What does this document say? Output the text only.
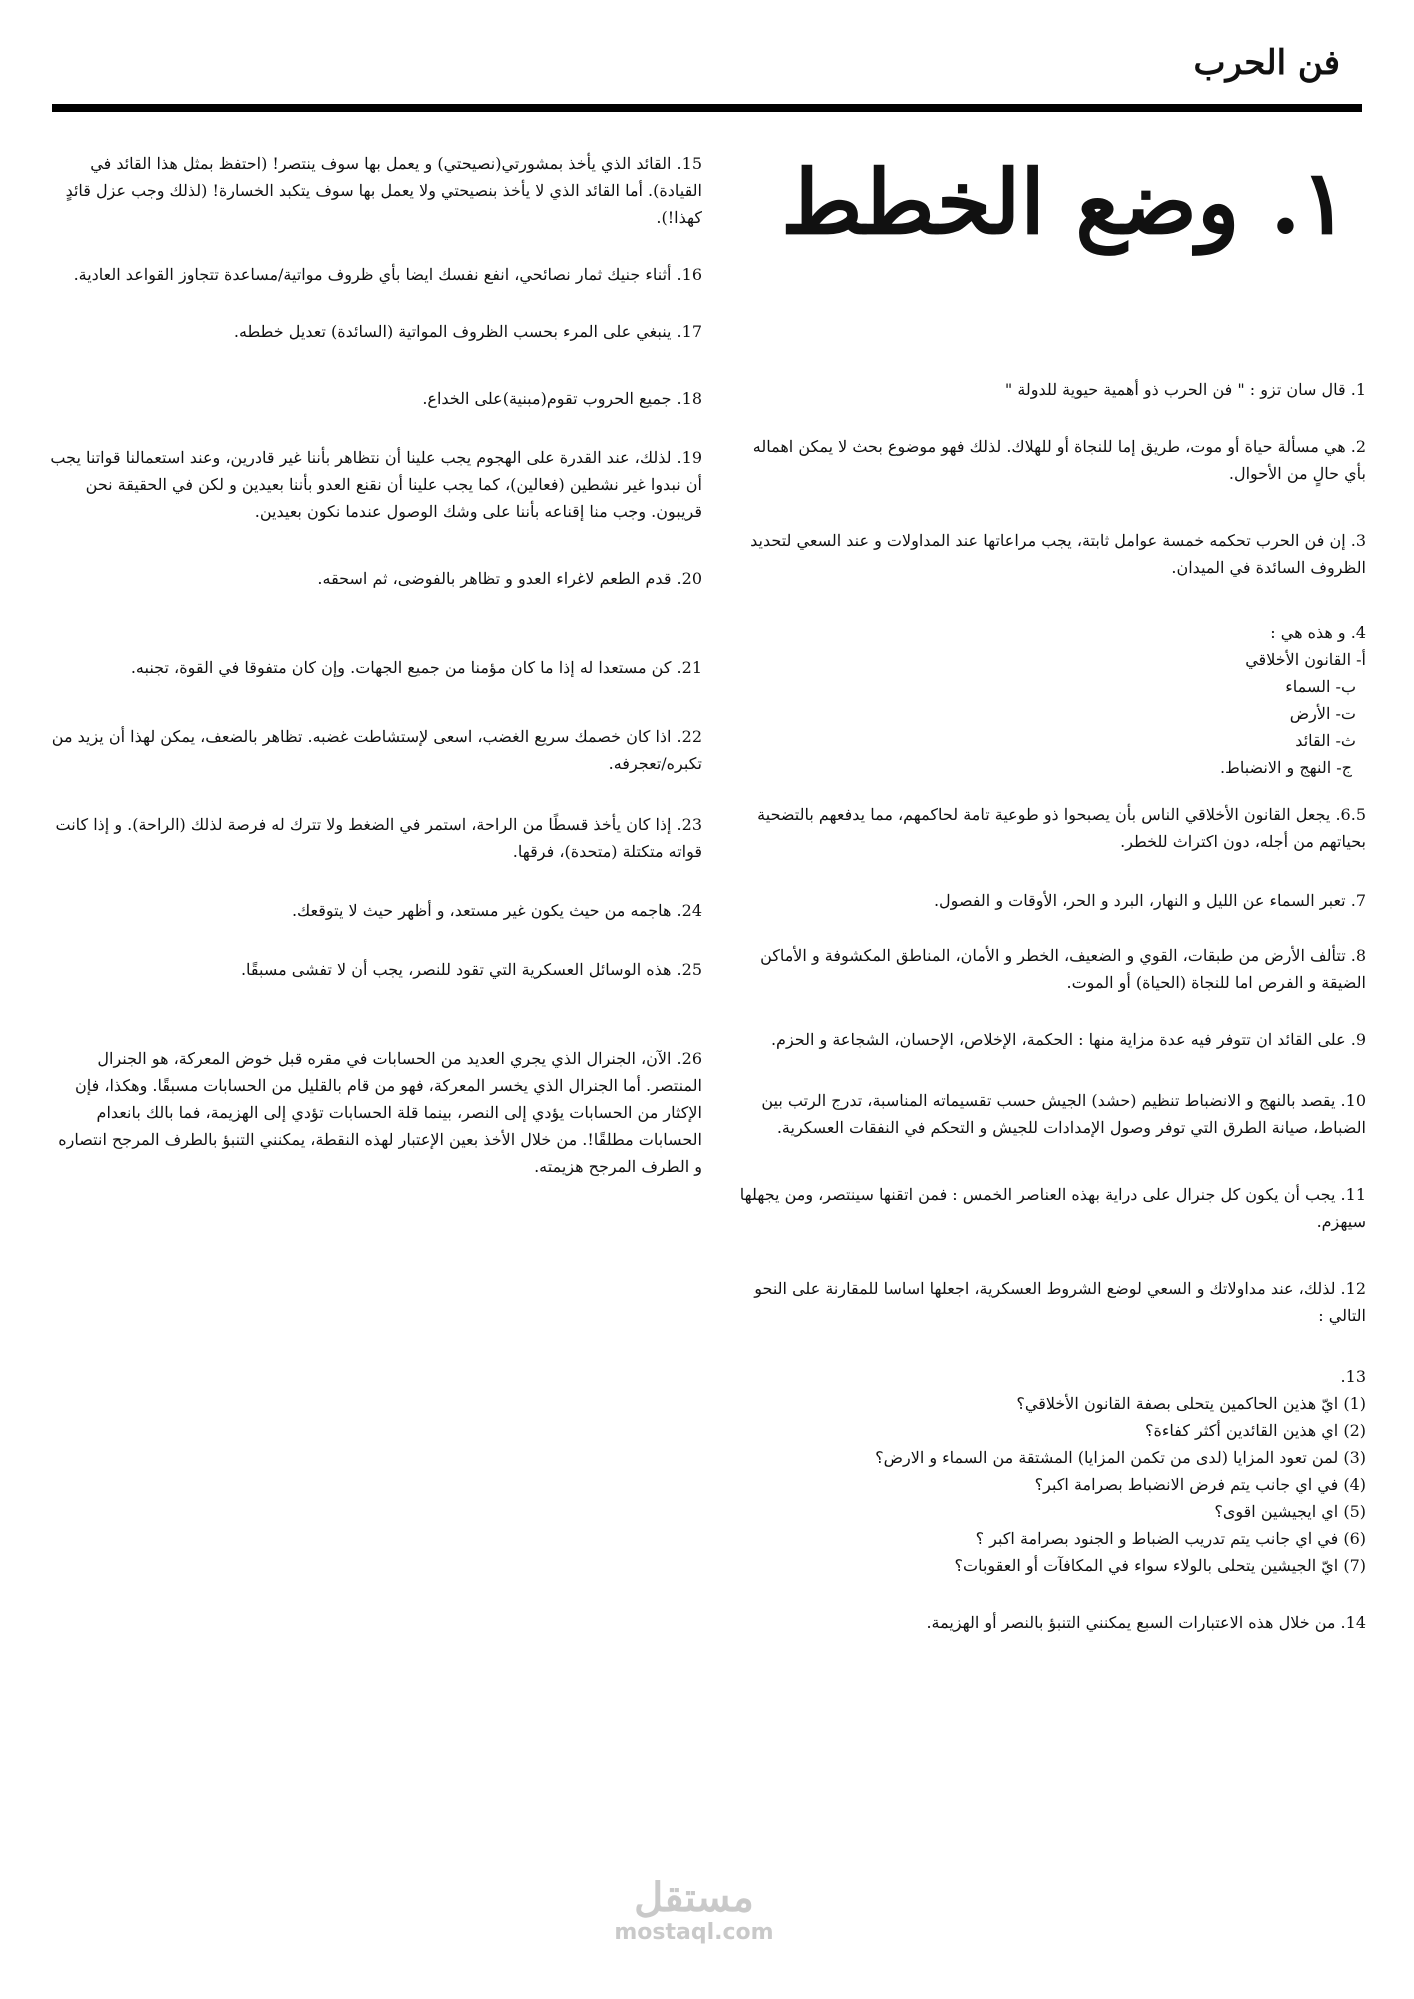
فن الحرب
١. وضع الخطط

1. قال سان تزو : " فن الحرب ذو أهمية حيوية للدولة "

2. هي مسألة حياة أو موت، طريق إما للنجاة أو للهلاك. لذلك فهو موضوع بحث لا يمكن اهماله بأي حالٍ من الأحوال.

3. إن فن الحرب تحكمه خمسة عوامل ثابتة، يجب مراعاتها عند المداولات و عند السعي لتحديد الظروف السائدة في الميدان.

4. و هذه هي :

أ- القانون الأخلاقي
ب- السماء
ت- الأرض
ث- القائد
ج- النهج و الانضباط.

6.5. يجعل القانون الأخلاقي الناس بأن يصبحوا ذو طوعية تامة لحاكمهم، مما يدفعهم بالتضحية بحياتهم من أجله، دون اكتراث للخطر.

7. تعبر السماء عن الليل و النهار، البرد و الحر، الأوقات و الفصول.

8. تتألف الأرض من طبقات، القوي و الضعيف، الخطر و الأمان، المناطق المكشوفة و الأماكن الضيقة و الفرص اما للنجاة (الحياة) أو الموت.

9. على القائد ان تتوفر فيه عدة مزاية منها : الحكمة، الإخلاص، الإحسان، الشجاعة و الحزم.

10. يقصد بالنهج و الانضباط تنظيم (حشد) الجيش حسب تقسيماته المناسبة، تدرج الرتب بين الضباط، صيانة الطرق التي توفر وصول الإمدادات للجيش و التحكم في النفقات العسكرية.

11. يجب أن يكون كل جنرال على دراية بهذه العناصر الخمس : فمن اتقنها سينتصر، ومن يجهلها سيهزم.

12. لذلك، عند مداولاتك و السعي لوضع الشروط العسكرية، اجعلها اساسا للمقارنة على النحو التالي :

13.

(1) ايّ هذين الحاكمين يتحلى بصفة القانون الأخلاقي؟
(2) اي هذين القائدين أكثر كفاءة؟
(3) لمن تعود المزايا (لدى من تكمن المزايا) المشتقة من السماء و الارض؟
(4) في اي جانب يتم فرض الانضباط بصرامة اكبر؟
(5) اي ايجيشين اقوى؟
(6) في اي جانب يتم تدريب الضباط و الجنود بصرامة اكبر ؟
(7) ايّ الجيشين يتحلى بالولاء سواء في المكافآت أو العقوبات؟

14. من خلال هذه الاعتبارات السبع يمكنني التنبؤ بالنصر أو الهزيمة.

15. القائد الذي يأخذ بمشورتي(نصيحتي) و يعمل بها سوف ينتصر! (احتفظ بمثل هذا القائد في القيادة). أما القائد الذي لا يأخذ بنصيحتي ولا يعمل بها سوف يتكبد الخسارة! (لذلك وجب عزل قائدٍ كهذا!).

16. أثناء جنيك ثمار نصائحي، انفع نفسك ايضا بأي ظروف مواتية/مساعدة تتجاوز القواعد العادية.

17. ينبغي على المرء بحسب الظروف المواتية (السائدة) تعديل خططه.

18. جميع الحروب تقوم(مبنية)على الخداع.

19. لذلك، عند القدرة على الهجوم يجب علينا أن نتظاهر بأننا غير قادرين، وعند استعمالنا قواتنا يجب أن نبدوا غير نشطين (فعالين)، كما يجب علينا أن نقنع العدو بأننا بعيدين و لكن في الحقيقة نحن قريبون. وجب منا إقناعه بأننا على وشك الوصول عندما نكون بعيدين.

20. قدم الطعم لاغراء العدو و تظاهر بالفوضى، ثم اسحقه.

21. كن مستعدا له إذا ما كان مؤمنا من جميع الجهات. وإن كان متفوقا في القوة، تجنبه.

22. اذا كان خصمك سريع الغضب، اسعى لإستشاطت غضبه. تظاهر بالضعف، يمكن لهذا أن يزيد من تكبره/تعجرفه.

23. إذا كان يأخذ قسطًا من الراحة، استمر في الضغط ولا تترك له فرصة لذلك (الراحة). و إذا كانت قواته متكتلة (متحدة)، فرقها.

24. هاجمه من حيث يكون غير مستعد، و أظهر حيث لا يتوقعك.

25. هذه الوسائل العسكرية التي تقود للنصر، يجب أن لا تفشى مسبقًا.

26. الآن، الجنرال الذي يجري العديد من الحسابات في مقره قبل خوض المعركة، هو الجنرال المنتصر. أما الجنرال الذي يخسر المعركة، فهو من قام بالقليل من الحسابات مسبقًا. وهكذا، فإن الإكثار من الحسابات يؤدي إلى النصر، بينما قلة الحسابات تؤدي إلى الهزيمة، فما بالك بانعدام الحسابات مطلقًا!. من خلال الأخذ بعين الإعتبار لهذه النقطة، يمكنني التنبؤ بالطرف المرجح انتصاره و الطرف المرجح هزيمته.

مستقل
mostaql.com
